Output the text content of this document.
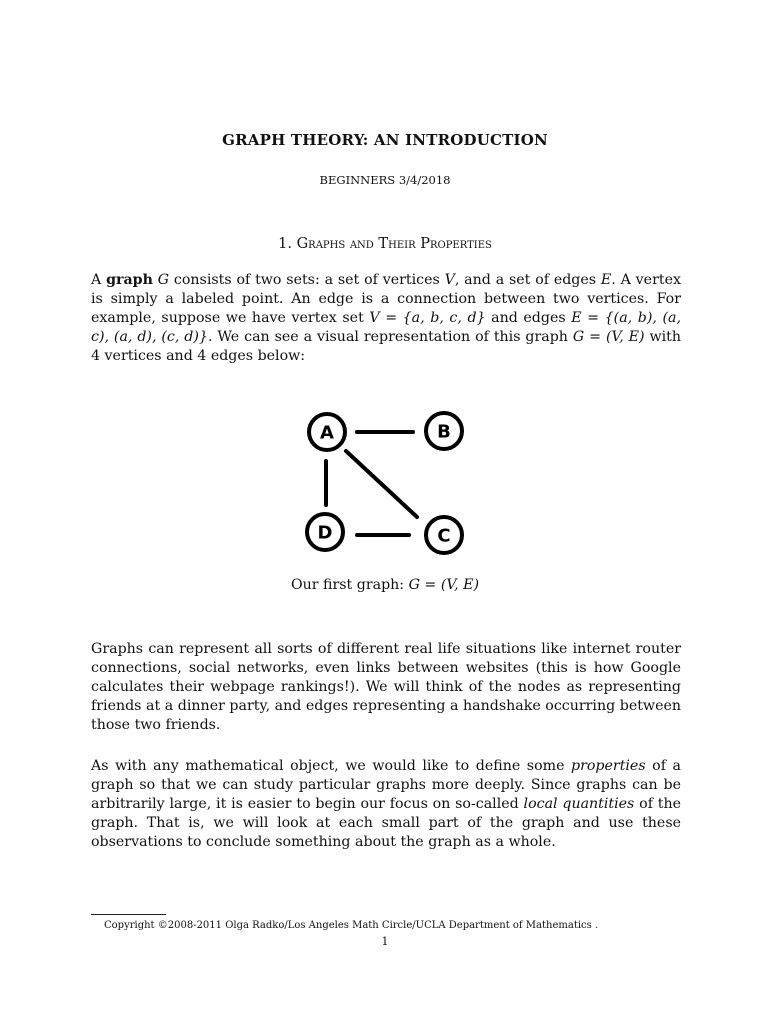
GRAPH THEORY: AN INTRODUCTION
BEGINNERS 3/4/2018
1. Graphs and Their Properties

A graph G consists of two sets: a set of vertices V, and a set of edges E. A vertex is simply a labeled point. An edge is a connection between two vertices. For example, suppose we have vertex set V = {a, b, c, d} and edges E = {(a, b), (a, c), (a, d), (c, d)}. We can see a visual representation of this graph G = (V, E) with 4 vertices and 4 edges below:

A	B
C
D
Our first graph: G = (V, E)

Graphs can represent all sorts of different real life situations like internet router connections, social networks, even links between websites (this is how Google calculates their webpage rankings!). We will think of the nodes as representing friends at a dinner party, and edges representing a handshake occurring between those two friends.

As with any mathematical object, we would like to define some properties of a graph so that we can study particular graphs more deeply. Since graphs can be arbitrarily large, it is easier to begin our focus on so-called local quantities of the graph. That is, we will look at each small part of the graph and use these observations to conclude something about the graph as a whole.

Copyright ©2008-2011 Olga Radko/Los Angeles Math Circle/UCLA Department of Mathematics .
1
